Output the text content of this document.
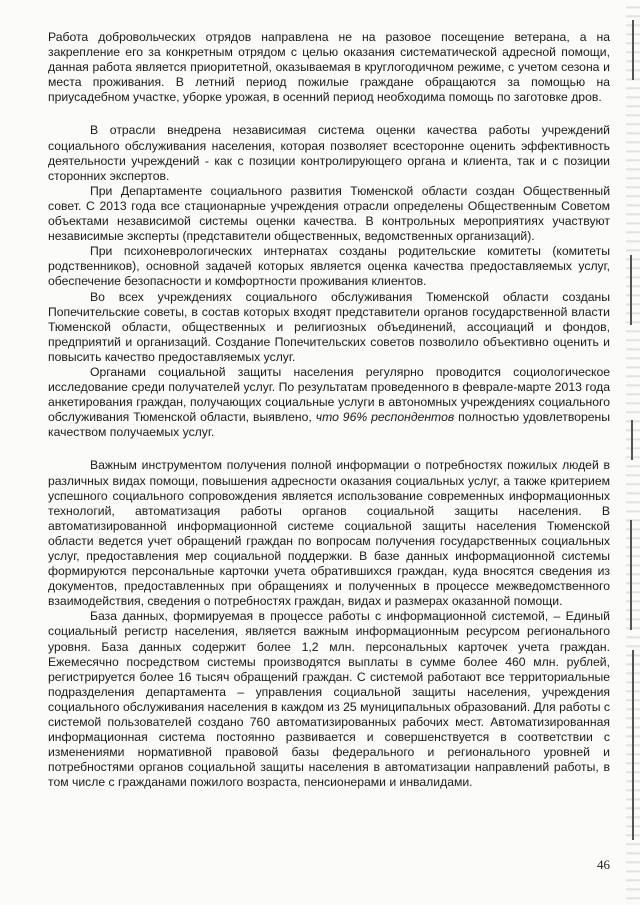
Работа добровольческих отрядов направлена не на разовое посещение ветерана, а на закрепление его за конкретным отрядом с целью оказания систематической адресной помощи, данная работа является приоритетной, оказываемая в круглогодичном режиме, с учетом сезона и места проживания. В летний период пожилые граждане обращаются за помощью на приусадебном участке, уборке урожая, в осенний период необходима помощь по заготовке дров.

В отрасли внедрена независимая система оценки качества работы учреждений социального обслуживания населения, которая позволяет всесторонне оценить эффективность деятельности учреждений - как с позиции контролирующего органа и клиента, так и с позиции сторонних экспертов.

При Департаменте социального развития Тюменской области создан Общественный совет. С 2013 года все стационарные учреждения отрасли определены Общественным Советом объектами независимой системы оценки качества. В контрольных мероприятиях участвуют независимые эксперты (представители общественных, ведомственных организаций).

При психоневрологических интернатах созданы родительские комитеты (комитеты родственников), основной задачей которых является оценка качества предоставляемых услуг, обеспечение безопасности и комфортности проживания клиентов.

Во всех учреждениях социального обслуживания Тюменской области созданы Попечительские советы, в состав которых входят представители органов государственной власти Тюменской области, общественных и религиозных объединений, ассоциаций и фондов, предприятий и организаций. Создание Попечительских советов позволило объективно оценить и повысить качество предоставляемых услуг.

Органами социальной защиты населения регулярно проводится социологическое исследование среди получателей услуг. По результатам проведенного в феврале-марте 2013 года анкетирования граждан, получающих социальные услуги в автономных учреждениях социального обслуживания Тюменской области, выявлено, что 96% респондентов полностью удовлетворены качеством получаемых услуг.

Важным инструментом получения полной информации о потребностях пожилых людей в различных видах помощи, повышения адресности оказания социальных услуг, а также критерием успешного социального сопровождения является использование современных информационных технологий, автоматизация работы органов социальной защиты населения. В автоматизированной информационной системе социальной защиты населения Тюменской области ведется учет обращений граждан по вопросам получения государственных социальных услуг, предоставления мер социальной поддержки. В базе данных информационной системы формируются персональные карточки учета обратившихся граждан, куда вносятся сведения из документов, предоставленных при обращениях и полученных в процессе межведомственного взаимодействия, сведения о потребностях граждан, видах и размерах оказанной помощи.

База данных, формируемая в процессе работы с информационной системой, – Единый социальный регистр населения, является важным информационным ресурсом регионального уровня. База данных содержит более 1,2 млн. персональных карточек учета граждан. Ежемесячно посредством системы производятся выплаты в сумме более 460 млн. рублей, регистрируется более 16 тысяч обращений граждан. С системой работают все территориальные подразделения департамента – управления социальной защиты населения, учреждения социального обслуживания населения в каждом из 25 муниципальных образований. Для работы с системой пользователей создано 760 автоматизированных рабочих мест. Автоматизированная информационная система постоянно развивается и совершенствуется в соответствии с изменениями нормативной правовой базы федерального и регионального уровней и потребностями органов социальной защиты населения в автоматизации направлений работы, в том числе с гражданами пожилого возраста, пенсионерами и инвалидами.

46
